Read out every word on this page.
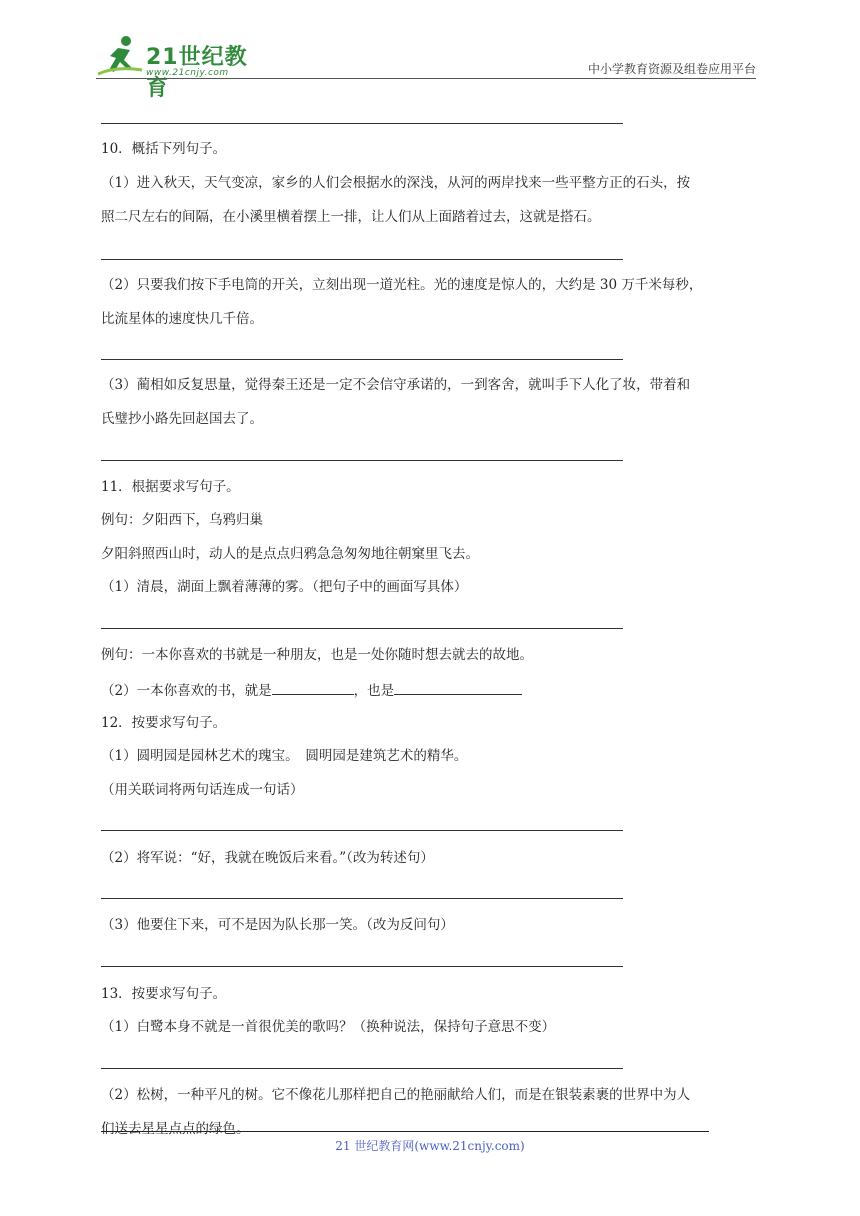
21世纪教育
www.21cnjy.com	中小学教育资源及组卷应用平台
10．概括下列句子。
（1）进入秋天，天气变凉，家乡的人们会根据水的深浅，从河的两岸找来一些平整方正的石头，按
照二尺左右的间隔，在小溪里横着摆上一排，让人们从上面踏着过去，这就是搭石。
（2）只要我们按下手电筒的开关，立刻出现一道光柱。光的速度是惊人的，大约是 30 万千米每秒，
比流星体的速度快几千倍。
（3）蔺相如反复思量，觉得秦王还是一定不会信守承诺的，一到客舍，就叫手下人化了妆，带着和
氏璧抄小路先回赵国去了。
11．根据要求写句子。
例句：夕阳西下，乌鸦归巢
夕阳斜照西山时，动人的是点点归鸦急急匆匆地往朝窠里飞去。
（1）清晨，湖面上飘着薄薄的雾。（把句子中的画面写具体）
例句：一本你喜欢的书就是一种朋友，也是一处你随时想去就去的故地。
（2）一本你喜欢的书，就是	，也是
12．按要求写句子。
（1）圆明园是园林艺术的瑰宝。　圆明园是建筑艺术的精华。
（用关联词将两句话连成一句话）
（2）将军说：“好，我就在晚饭后来看。”（改为转述句）
（3）他要住下来，可不是因为队长那一笑。（改为反问句）
13．按要求写句子。
（1）白鹭本身不就是一首很优美的歌吗？（换种说法，保持句子意思不变）
（2）松树，一种平凡的树。它不像花儿那样把自己的艳丽献给人们，而是在银装素裹的世界中为人
们送去星星点点的绿色。
21 世纪教育网(www.21cnjy.com)
